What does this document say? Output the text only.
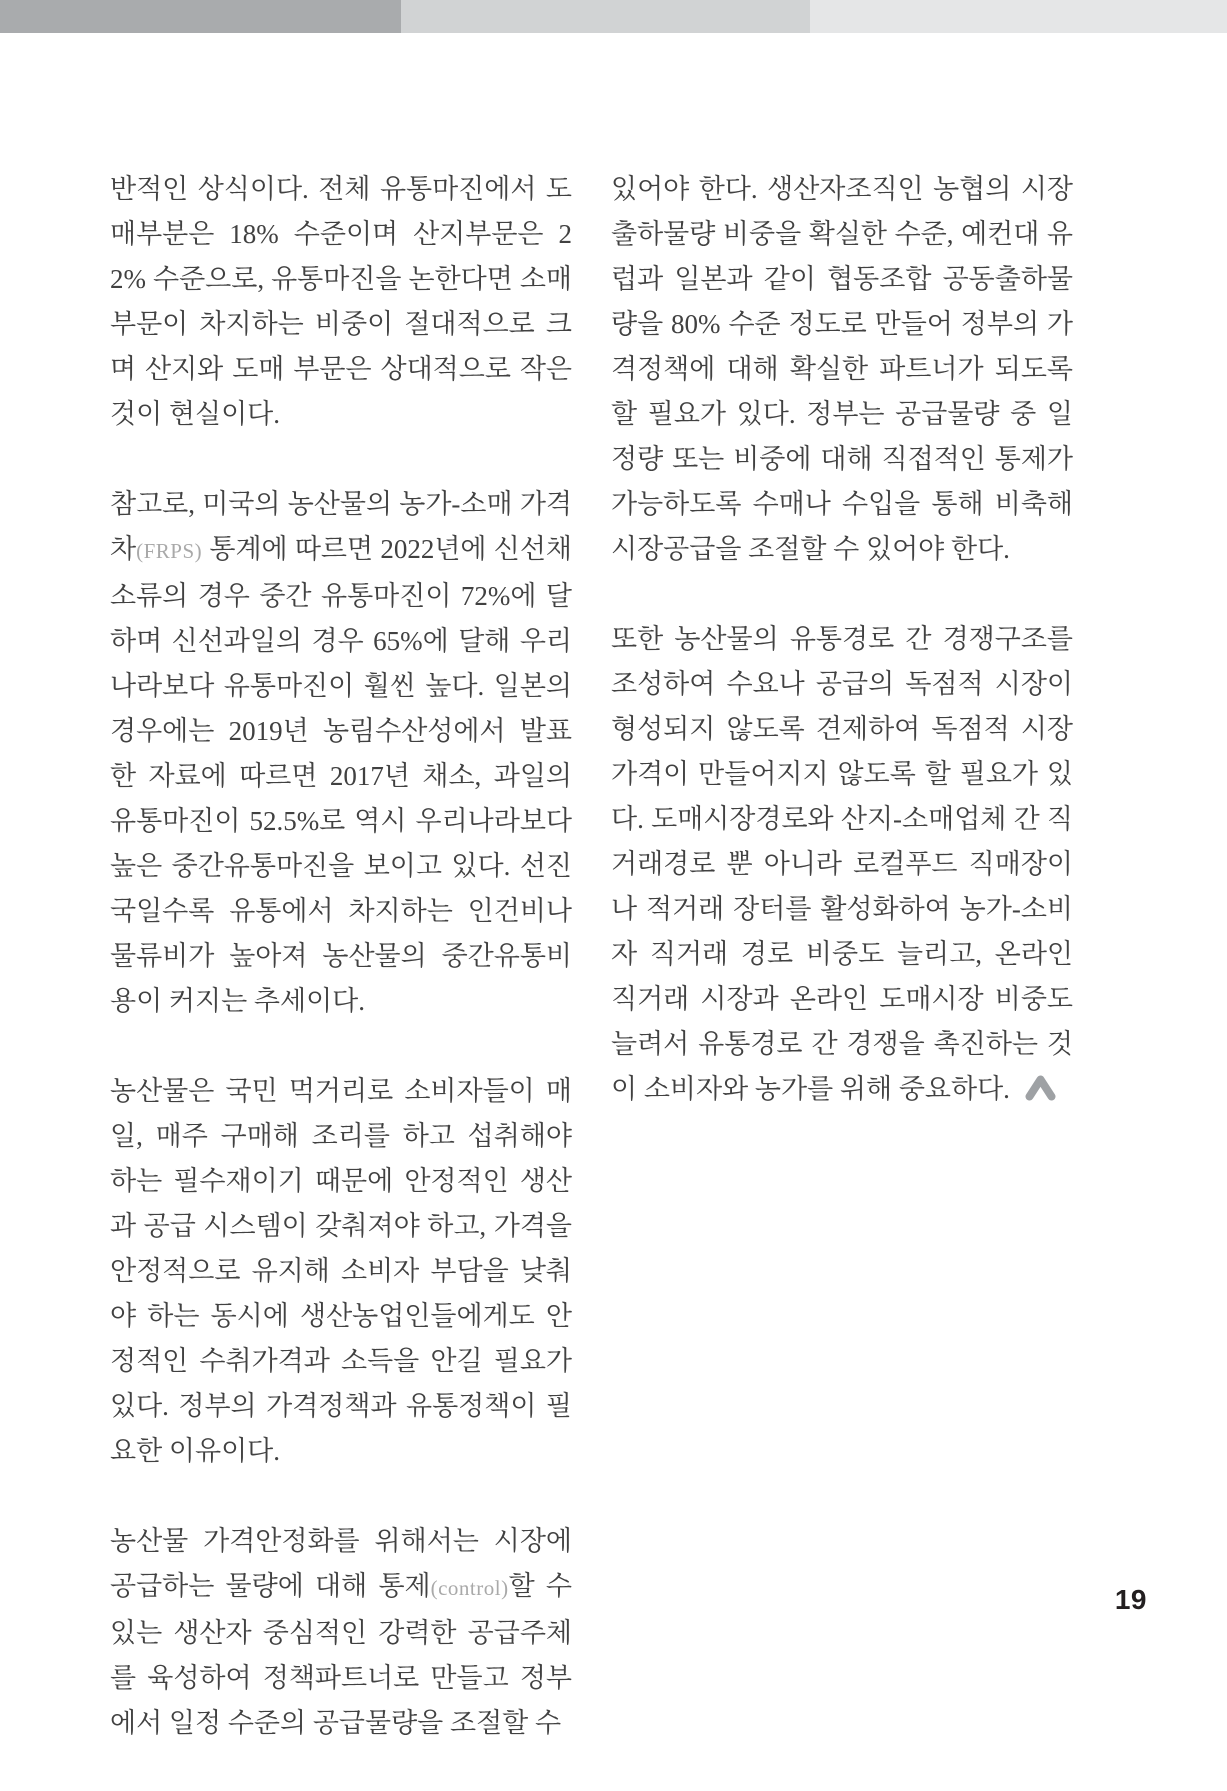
반적인 상식이다. 전체 유통마진에서 도매부분은 18% 수준이며 산지부문은 22% 수준으로, 유통마진을 논한다면 소매부문이 차지하는 비중이 절대적으로 크며 산지와 도매 부문은 상대적으로 작은 것이 현실이다.

참고로, 미국의 농산물의 농가-소매 가격차(FRPS) 통계에 따르면 2022년에 신선채소류의 경우 중간 유통마진이 72%에 달하며 신선과일의 경우 65%에 달해 우리나라보다 유통마진이 훨씬 높다. 일본의 경우에는 2019년 농림수산성에서 발표한 자료에 따르면 2017년 채소, 과일의 유통마진이 52.5%로 역시 우리나라보다 높은 중간유통마진을 보이고 있다. 선진국일수록 유통에서 차지하는 인건비나 물류비가 높아져 농산물의 중간유통비용이 커지는 추세이다.

농산물은 국민 먹거리로 소비자들이 매일, 매주 구매해 조리를 하고 섭취해야 하는 필수재이기 때문에 안정적인 생산과 공급 시스템이 갖춰져야 하고, 가격을 안정적으로 유지해 소비자 부담을 낮춰야 하는 동시에 생산농업인들에게도 안정적인 수취가격과 소득을 안길 필요가 있다. 정부의 가격정책과 유통정책이 필요한 이유이다.

농산물 가격안정화를 위해서는 시장에 공급하는 물량에 대해 통제(control)할 수 있는 생산자 중심적인 강력한 공급주체를 육성하여 정책파트너로 만들고 정부에서 일정 수준의 공급물량을 조절할 수

있어야 한다. 생산자조직인 농협의 시장출하물량 비중을 확실한 수준, 예컨대 유럽과 일본과 같이 협동조합 공동출하물량을 80% 수준 정도로 만들어 정부의 가격정책에 대해 확실한 파트너가 되도록 할 필요가 있다. 정부는 공급물량 중 일정량 또는 비중에 대해 직접적인 통제가 가능하도록 수매나 수입을 통해 비축해 시장공급을 조절할 수 있어야 한다.

또한 농산물의 유통경로 간 경쟁구조를 조성하여 수요나 공급의 독점적 시장이 형성되지 않도록 견제하여 독점적 시장가격이 만들어지지 않도록 할 필요가 있다. 도매시장경로와 산지-소매업체 간 직거래경로 뿐 아니라 로컬푸드 직매장이나 적거래 장터를 활성화하여 농가-소비자 직거래 경로 비중도 늘리고, 온라인 직거래 시장과 온라인 도매시장 비중도 늘려서 유통경로 간 경쟁을 촉진하는 것이 소비자와 농가를 위해 중요하다.

19
